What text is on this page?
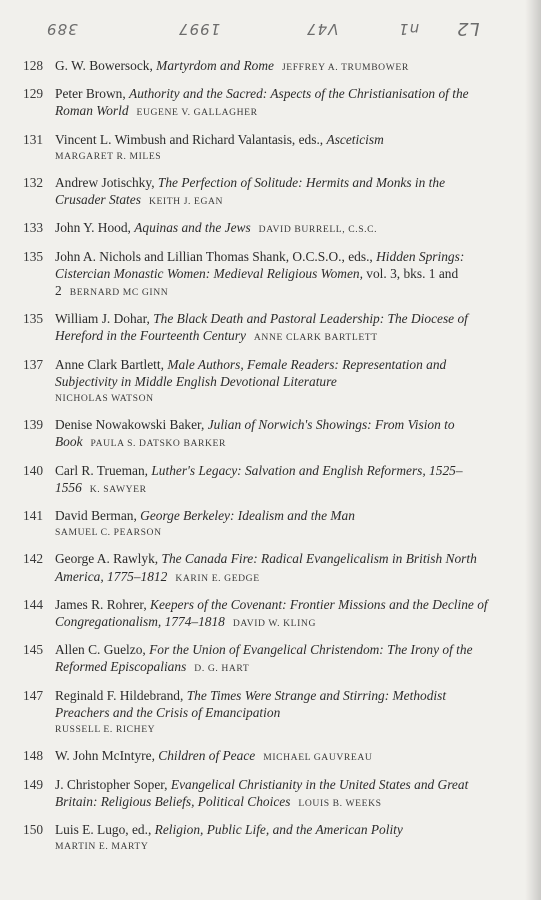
389	1997	V47	n1 L2
128 G. W. Bowersock, Martyrdom and Rome JEFFREY A. TRUMBOWER
129 Peter Brown, Authority and the Sacred: Aspects of the Christianisation of the Roman World EUGENE V. GALLAGHER
131 Vincent L. Wimbush and Richard Valantasis, eds., Asceticism
MARGARET R. MILES
132 Andrew Jotischky, The Perfection of Solitude: Hermits and Monks in the Crusader States KEITH J. EGAN
133 John Y. Hood, Aquinas and the Jews DAVID BURRELL, C.S.C.
135 John A. Nichols and Lillian Thomas Shank, O.C.S.O., eds., Hidden Springs: Cistercian Monastic Women: Medieval Religious Women, vol. 3, bks. 1 and 2 BERNARD MC GINN
135 William J. Dohar, The Black Death and Pastoral Leadership: The Diocese of Hereford in the Fourteenth Century ANNE CLARK BARTLETT
137 Anne Clark Bartlett, Male Authors, Female Readers: Representation and Subjectivity in Middle English Devotional Literature
NICHOLAS WATSON
139 Denise Nowakowski Baker, Julian of Norwich's Showings: From Vision to Book PAULA S. DATSKO BARKER
140 Carl R. Trueman, Luther's Legacy: Salvation and English Reformers, 1525–1556 K. SAWYER
141 David Berman, George Berkeley: Idealism and the Man
SAMUEL C. PEARSON
142 George A. Rawlyk, The Canada Fire: Radical Evangelicalism in British North America, 1775–1812 KARIN E. GEDGE
144 James R. Rohrer, Keepers of the Covenant: Frontier Missions and the Decline of Congregationalism, 1774–1818 DAVID W. KLING
145 Allen C. Guelzo, For the Union of Evangelical Christendom: The Irony of the Reformed Episcopalians D. G. HART
147 Reginald F. Hildebrand, The Times Were Strange and Stirring: Methodist Preachers and the Crisis of Emancipation
RUSSELL E. RICHEY
148 W. John McIntyre, Children of Peace MICHAEL GAUVREAU
149 J. Christopher Soper, Evangelical Christianity in the United States and Great Britain: Religious Beliefs, Political Choices LOUIS B. WEEKS
150 Luis E. Lugo, ed., Religion, Public Life, and the American Polity
MARTIN E. MARTY
